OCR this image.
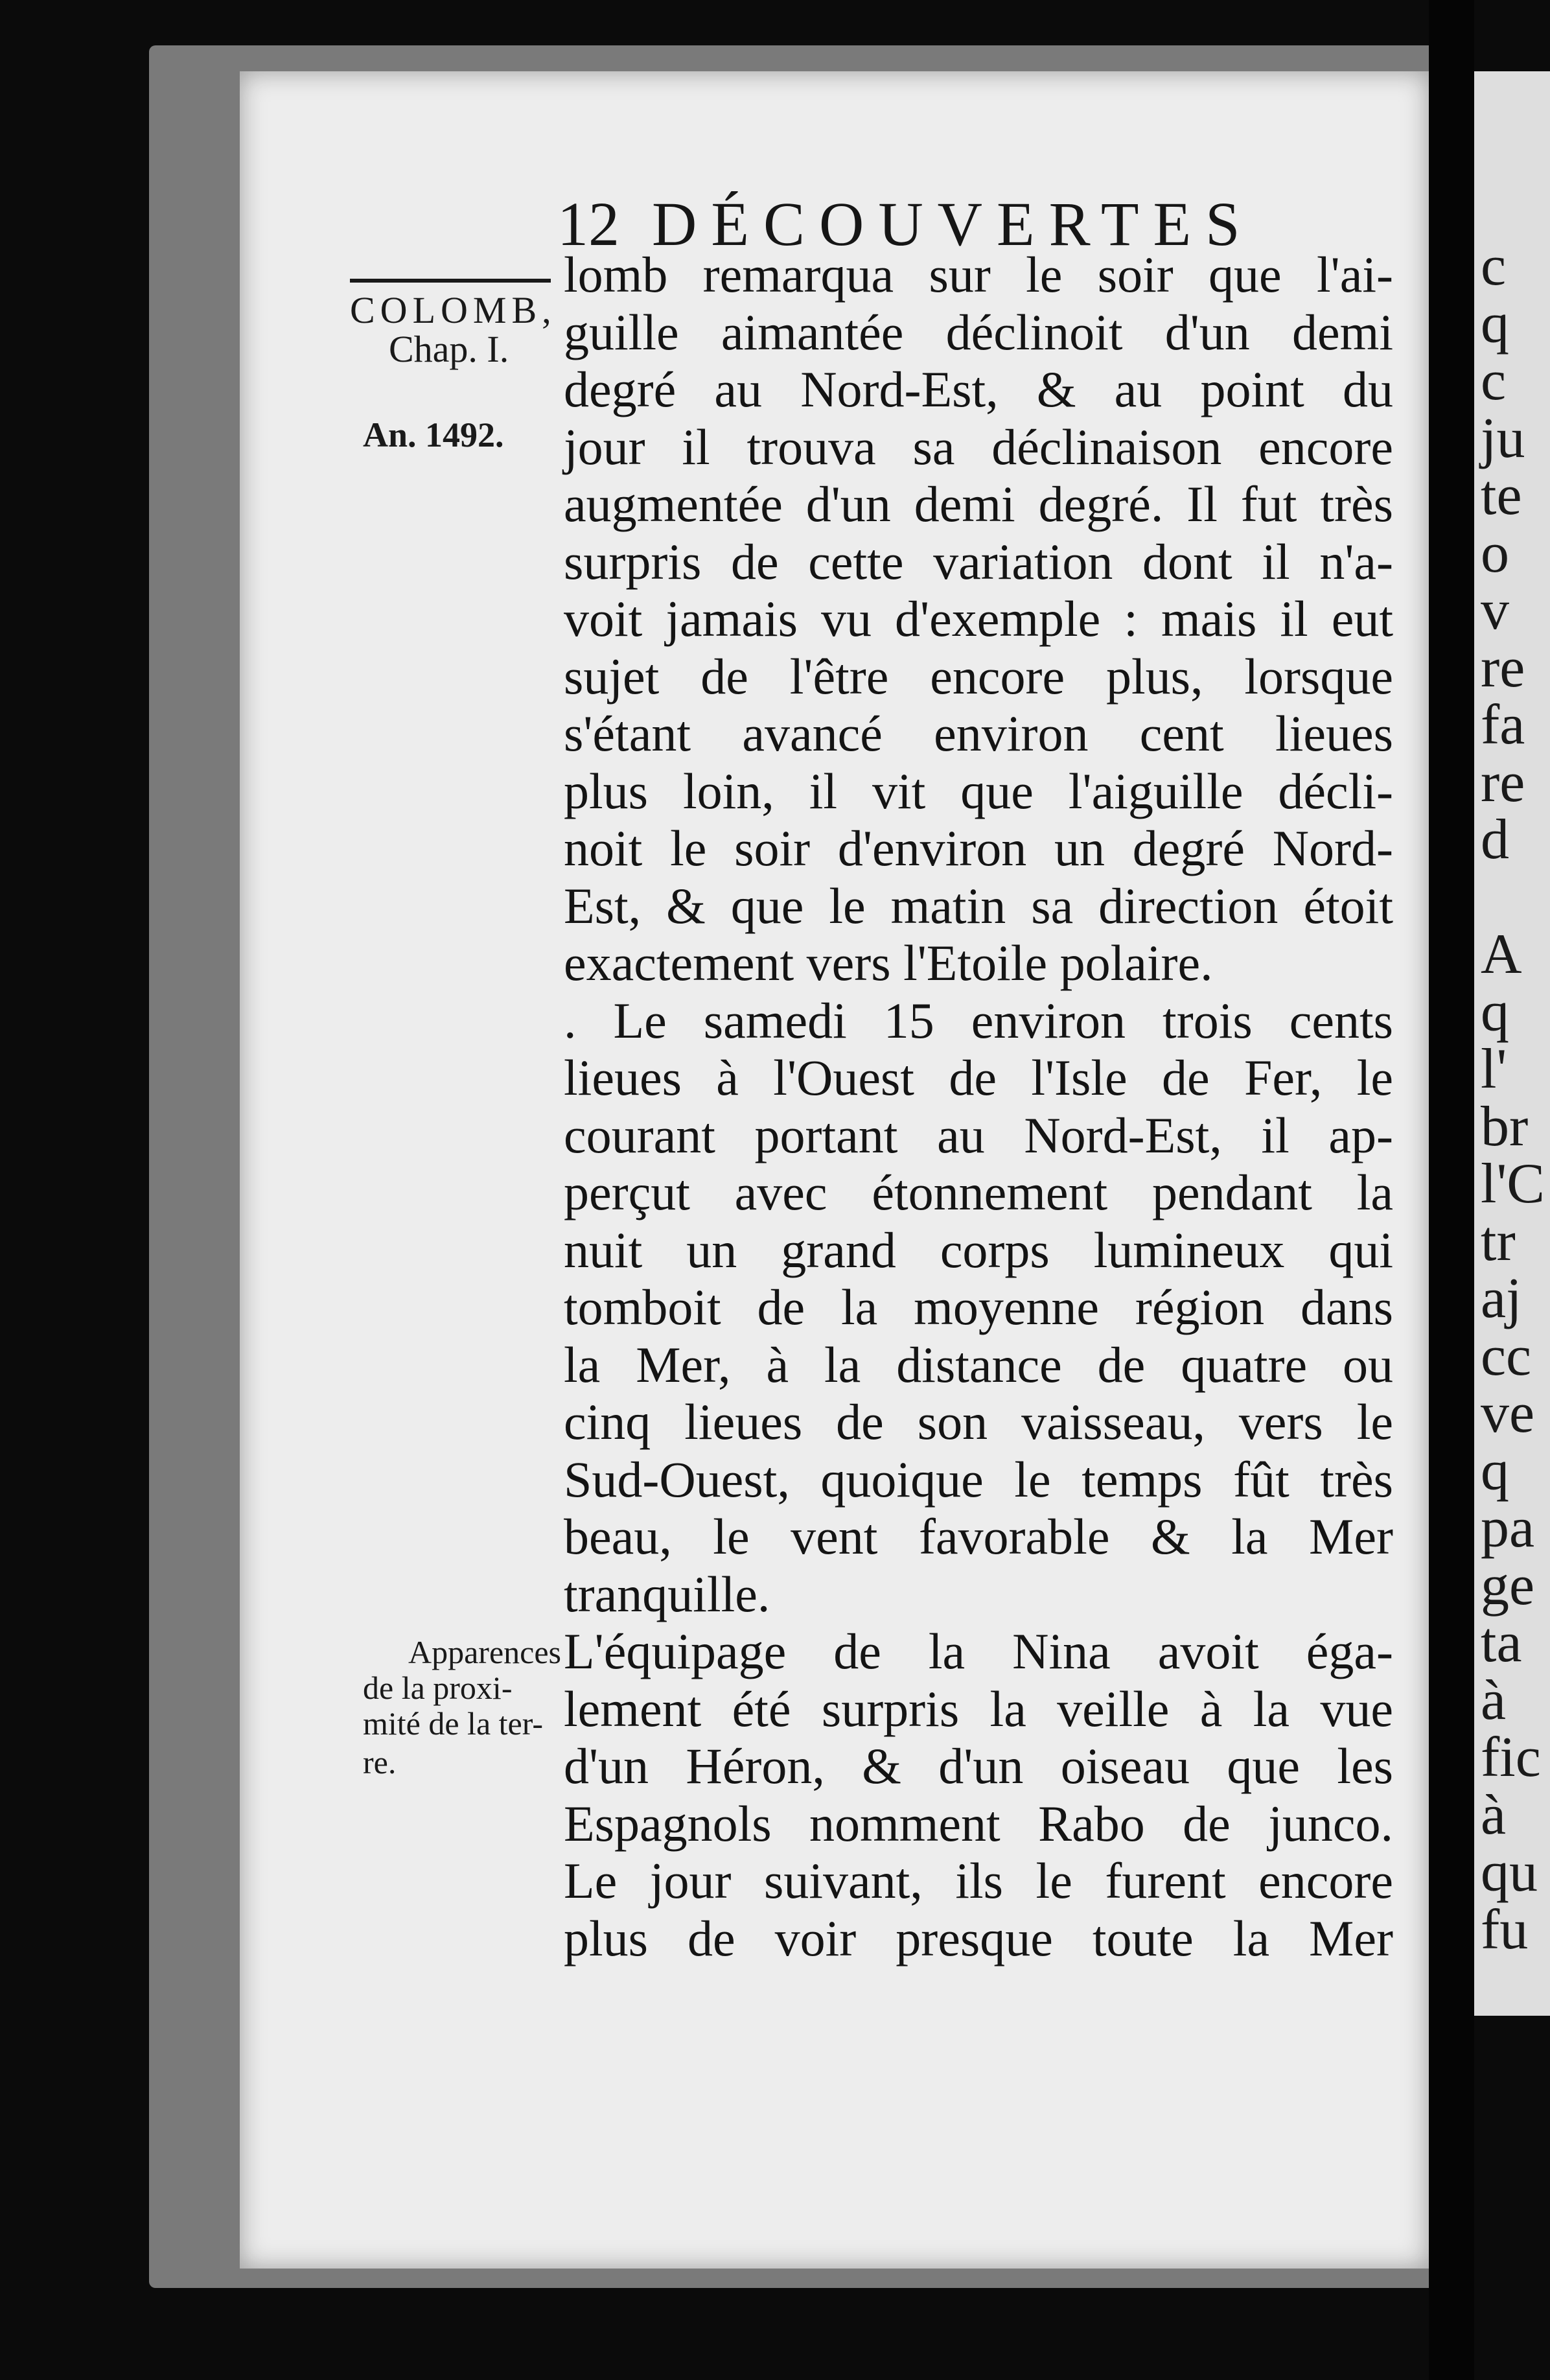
c
q
c
ju
te
o
v
re
fa
re
d
A
q
l'
br
l'C
tr
aj
cc
ve
q
pa
ge
ta
à
fic
à
qu
fu
12 DÉCOUVERTES
COLOMB,
Chap. I.
An. 1492.
Apparences
de la proxi-
mité de la ter-
re.
lomb remarqua sur le soir que l'ai-
guille aimantée déclinoit d'un demi
degré au Nord-Est, & au point du
jour il trouva sa déclinaison encore
augmentée d'un demi degré. Il fut très
surpris de cette variation dont il n'a-
voit jamais vu d'exemple : mais il eut
sujet de l'être encore plus, lorsque
s'étant avancé environ cent lieues
plus loin, il vit que l'aiguille décli-
noit le soir d'environ un degré Nord-
Est, & que le matin sa direction étoit
exactement vers l'Etoile polaire.
. Le samedi 15 environ trois cents
lieues à l'Ouest de l'Isle de Fer, le
courant portant au Nord-Est, il ap-
perçut avec étonnement pendant la
nuit un grand corps lumineux qui
tomboit de la moyenne région dans
la Mer, à la distance de quatre ou
cinq lieues de son vaisseau, vers le
Sud-Ouest, quoique le temps fût très
beau, le vent favorable & la Mer
tranquille.
L'équipage de la Nina avoit éga-
lement été surpris la veille à la vue
d'un Héron, & d'un oiseau que les
Espagnols nomment Rabo de junco.
Le jour suivant, ils le furent encore
plus de voir presque toute la Mer
